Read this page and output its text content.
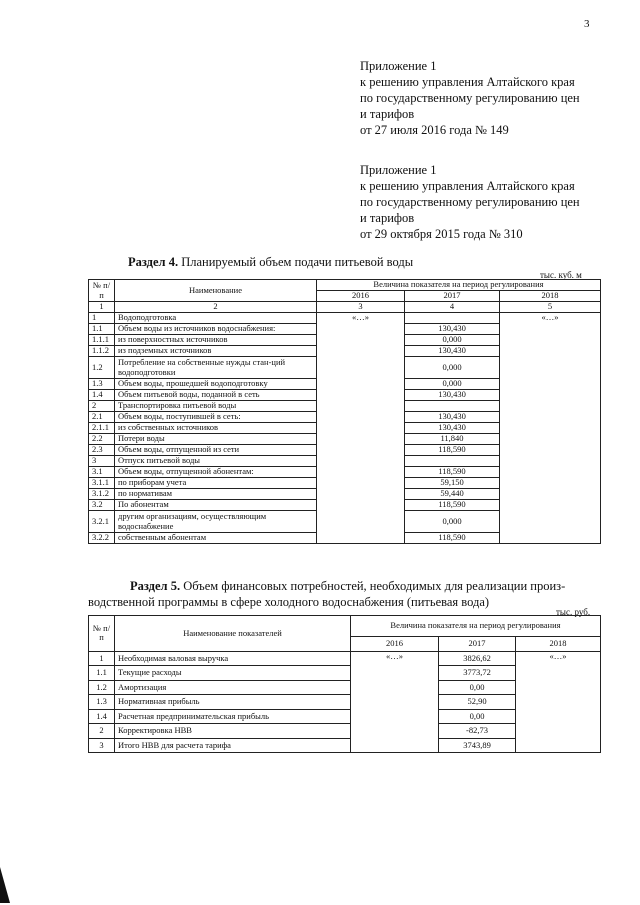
3
Приложение 1
к решению управления Алтайского края
по государственному регулированию цен
и тарифов
от 27 июля 2016 года № 149
Приложение 1
к решению управления Алтайского края
по государственному регулированию цен
и тарифов
от 29 октября 2015 года № 310
Раздел 4. Планируемый объем подачи питьевой воды
тыс. куб. м
№ п/п	Наименование	Величина показателя на период регулирования		
		2016	2017	2018
1	2	3	4	5
1	Водоподготовка	«…»		«…»
1.1	Объем воды из источников водоснабжения:		130,430	
1.1.1	из поверхностных источников		0,000	
1.1.2	из подземных источников		130,430	
1.2	Потребление на собственные нужды стан-ций водоподготовки		0,000	
1.3	Объем воды, прошедшей водоподготовку		0,000	
1.4	Объем питьевой воды, поданной в сеть		130,430	
2	Транспортировка питьевой воды			
2.1	Объем воды, поступившей в сеть:		130,430	
2.1.1	из собственных источников		130,430	
2.2	Потери воды		11,840	
2.3	Объем воды, отпущенной из сети		118,590	
3	Отпуск питьевой воды			
3.1	Объем воды, отпущенной абонентам:		118,590	
3.1.1	по приборам учета		59,150	
3.1.2	по нормативам		59,440	
3.2	По абонентам		118,590	
3.2.1	другим организациям, осуществляющим водоснабжение		0,000	
3.2.2	собственным абонентам		118,590	
Раздел 5. Объем финансовых потребностей, необходимых для реализации произ-
водственной программы в сфере холодного водоснабжения (питьевая вода)
тыс. руб.
№ п/п	Наименование показателей	Величина показателя на период регулирования		
		2016	2017	2018
1	Необходимая валовая выручка	«…»	3826,62	«…»
1.1	Текущие расходы		3773,72	
1.2	Амортизация		0,00	
1.3	Нормативная прибыль		52,90	
1.4	Расчетная предпринимательская прибыль		0,00	
2	Корректировка НВВ		-82,73	
3	Итого НВВ для расчета тарифа		3743,89	
